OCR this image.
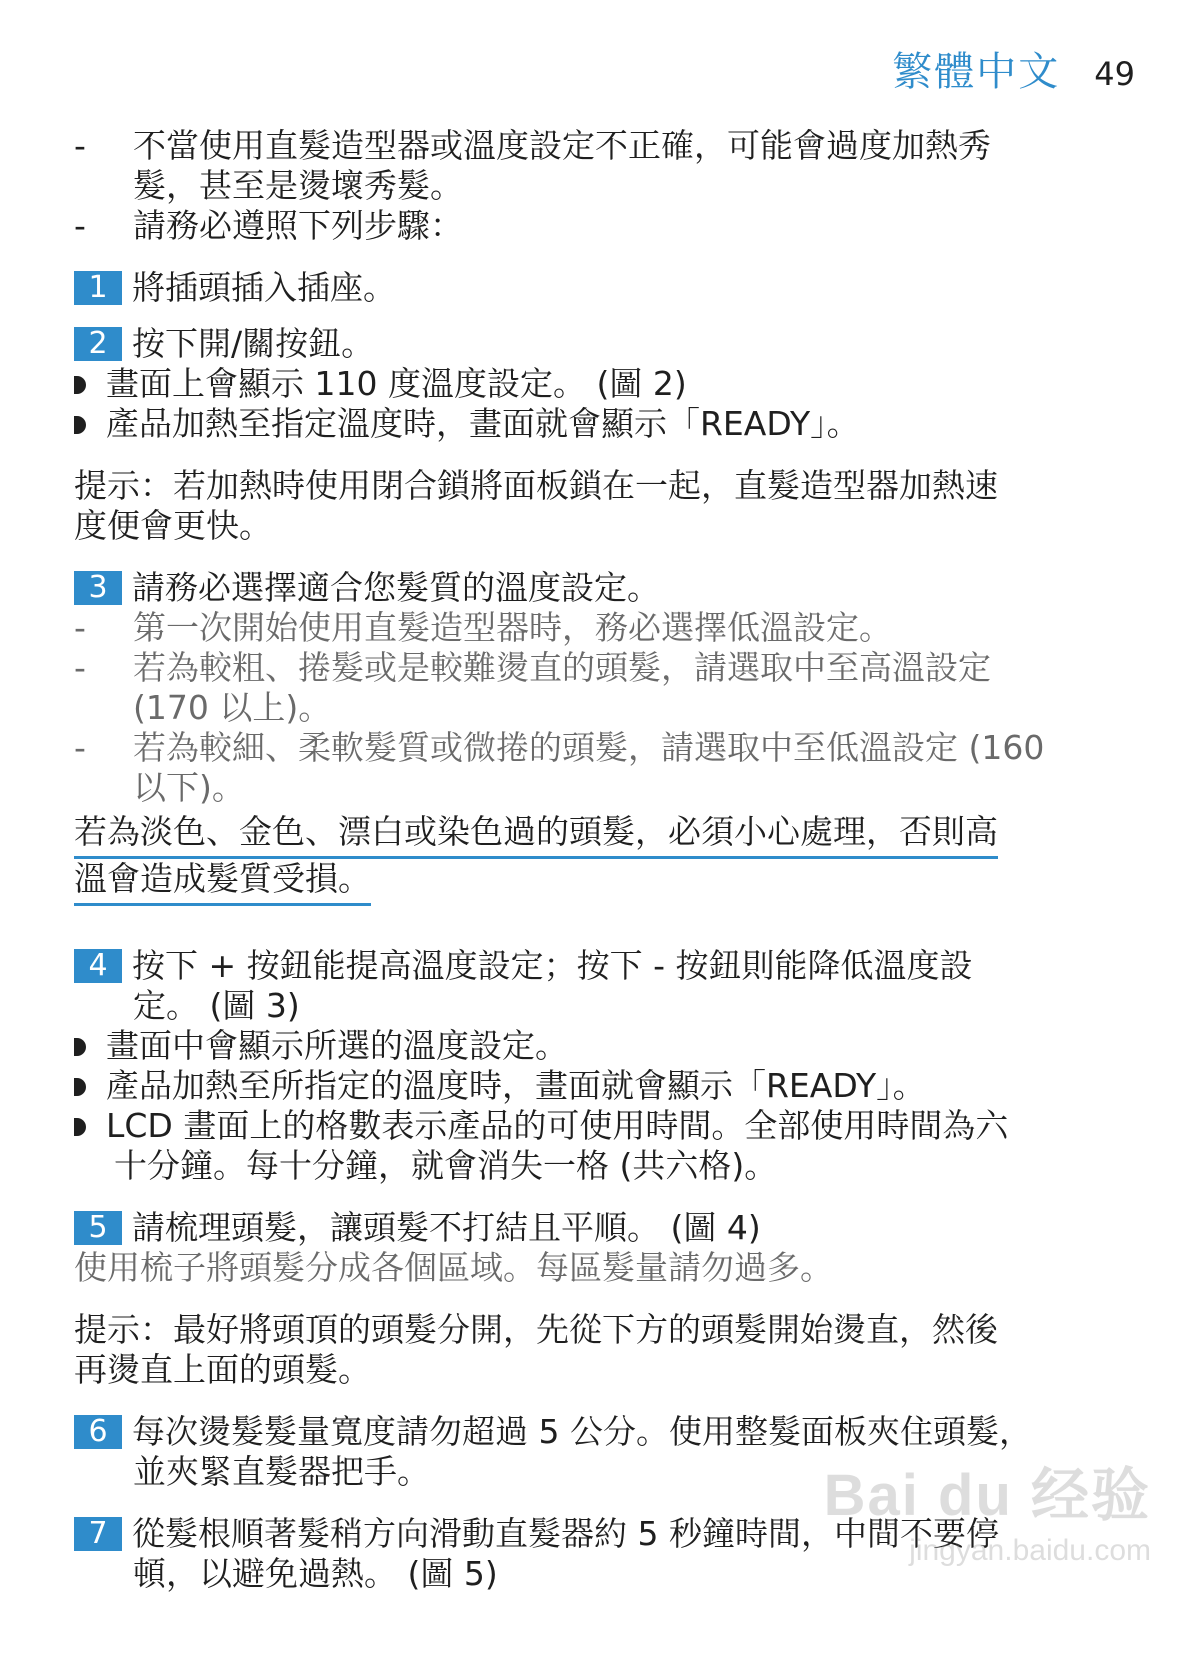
繁體中文 49
-	不當使用直髮造型器或溫度設定不正確，可能會過度加熱秀
髮，甚至是燙壞秀髮。
-	請務必遵照下列步驟：
1 將插頭插入插座。
2 按下開/關按鈕。
畫面上會顯示 110 度溫度設定。 (圖 2)
產品加熱至指定溫度時，畫面就會顯示「READY」。
提示：若加熱時使用閉合鎖將面板鎖在一起，直髮造型器加熱速
度便會更快。
3 請務必選擇適合您髮質的溫度設定。
-	第一次開始使用直髮造型器時，務必選擇低溫設定。
-	若為較粗、捲髮或是較難燙直的頭髮，請選取中至高溫設定
(170 以上)。
-	若為較細、柔軟髮質或微捲的頭髮，請選取中至低溫設定 (160
以下)。
若為淡色、金色、漂白或染色過的頭髮，必須小心處理，否則高
溫會造成髮質受損。
4 按下 + 按鈕能提高溫度設定；按下 - 按鈕則能降低溫度設
定。 (圖 3)
畫面中會顯示所選的溫度設定。
產品加熱至所指定的溫度時，畫面就會顯示「READY」。
LCD 畫面上的格數表示產品的可使用時間。全部使用時間為六
十分鐘。每十分鐘，就會消失一格 (共六格)。
5 請梳理頭髮，讓頭髮不打結且平順。 (圖 4)
使用梳子將頭髮分成各個區域。每區髮量請勿過多。
提示：最好將頭頂的頭髮分開，先從下方的頭髮開始燙直，然後
再燙直上面的頭髮。
6 每次燙髮髮量寬度請勿超過 5 公分。使用整髮面板夾住頭髮，
並夾緊直髮器把手。
7 從髮根順著髮稍方向滑動直髮器約 5 秒鐘時間，中間不要停
頓，以避免過熱。 (圖 5)
Bai du 经验
jingyan.baidu.com
